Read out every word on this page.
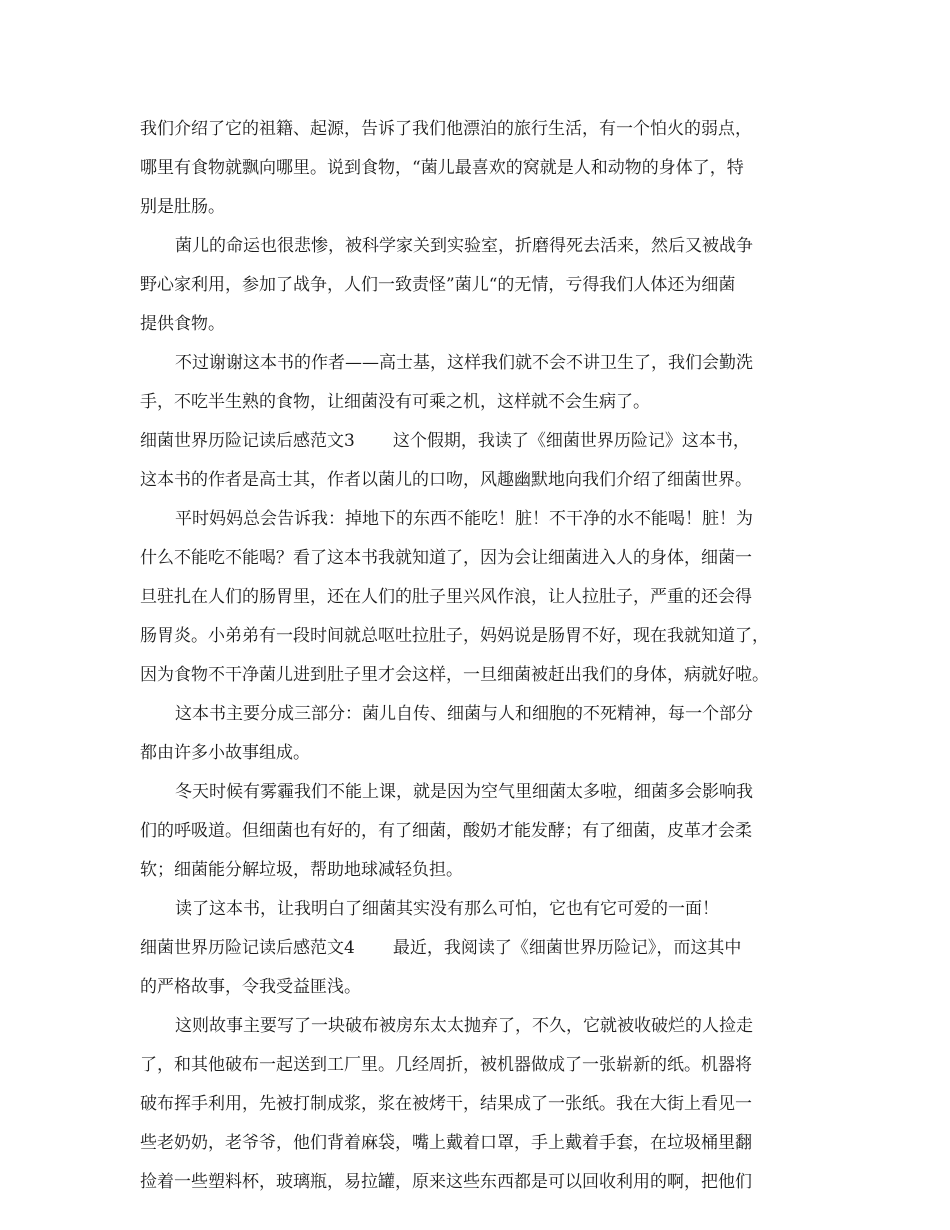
我们介绍了它的祖籍、起源，告诉了我们他漂泊的旅行生活，有一个怕火的弱点，

哪里有食物就飘向哪里。说到食物，“菌儿最喜欢的窝就是人和动物的身体了，特

别是肚肠。

菌儿的命运也很悲惨，被科学家关到实验室，折磨得死去活来，然后又被战争

野心家利用，参加了战争，人们一致责怪”菌儿“的无情，亏得我们人体还为细菌

提供食物。

不过谢谢这本书的作者——高士基，这样我们就不会不讲卫生了，我们会勤洗

手，不吃半生熟的食物，让细菌没有可乘之机，这样就不会生病了。

细菌世界历险记读后感范文3 这个假期，我读了《细菌世界历险记》这本书，

这本书的作者是高士其，作者以菌儿的口吻，风趣幽默地向我们介绍了细菌世界。

平时妈妈总会告诉我：掉地下的东西不能吃！脏！不干净的水不能喝！脏！为

什么不能吃不能喝？看了这本书我就知道了，因为会让细菌进入人的身体，细菌一

旦驻扎在人们的肠胃里，还在人们的肚子里兴风作浪，让人拉肚子，严重的还会得

肠胃炎。小弟弟有一段时间就总呕吐拉肚子，妈妈说是肠胃不好，现在我就知道了，

因为食物不干净菌儿进到肚子里才会这样，一旦细菌被赶出我们的身体，病就好啦。

这本书主要分成三部分：菌儿自传、细菌与人和细胞的不死精神，每一个部分

都由许多小故事组成。

冬天时候有雾霾我们不能上课，就是因为空气里细菌太多啦，细菌多会影响我

们的呼吸道。但细菌也有好的，有了细菌，酸奶才能发酵；有了细菌，皮革才会柔

软；细菌能分解垃圾，帮助地球减轻负担。

读了这本书，让我明白了细菌其实没有那么可怕，它也有它可爱的一面！

细菌世界历险记读后感范文4 最近，我阅读了《细菌世界历险记》，而这其中

的严格故事，令我受益匪浅。

这则故事主要写了一块破布被房东太太抛弃了，不久，它就被收破烂的人捡走

了，和其他破布一起送到工厂里。几经周折，被机器做成了一张崭新的纸。机器将

破布挥手利用，先被打制成浆，浆在被烤干，结果成了一张纸。我在大街上看见一

些老奶奶，老爷爷，他们背着麻袋，嘴上戴着口罩，手上戴着手套，在垃圾桶里翻

捡着一些塑料杯，玻璃瓶，易拉罐，原来这些东西都是可以回收利用的啊，把他们
